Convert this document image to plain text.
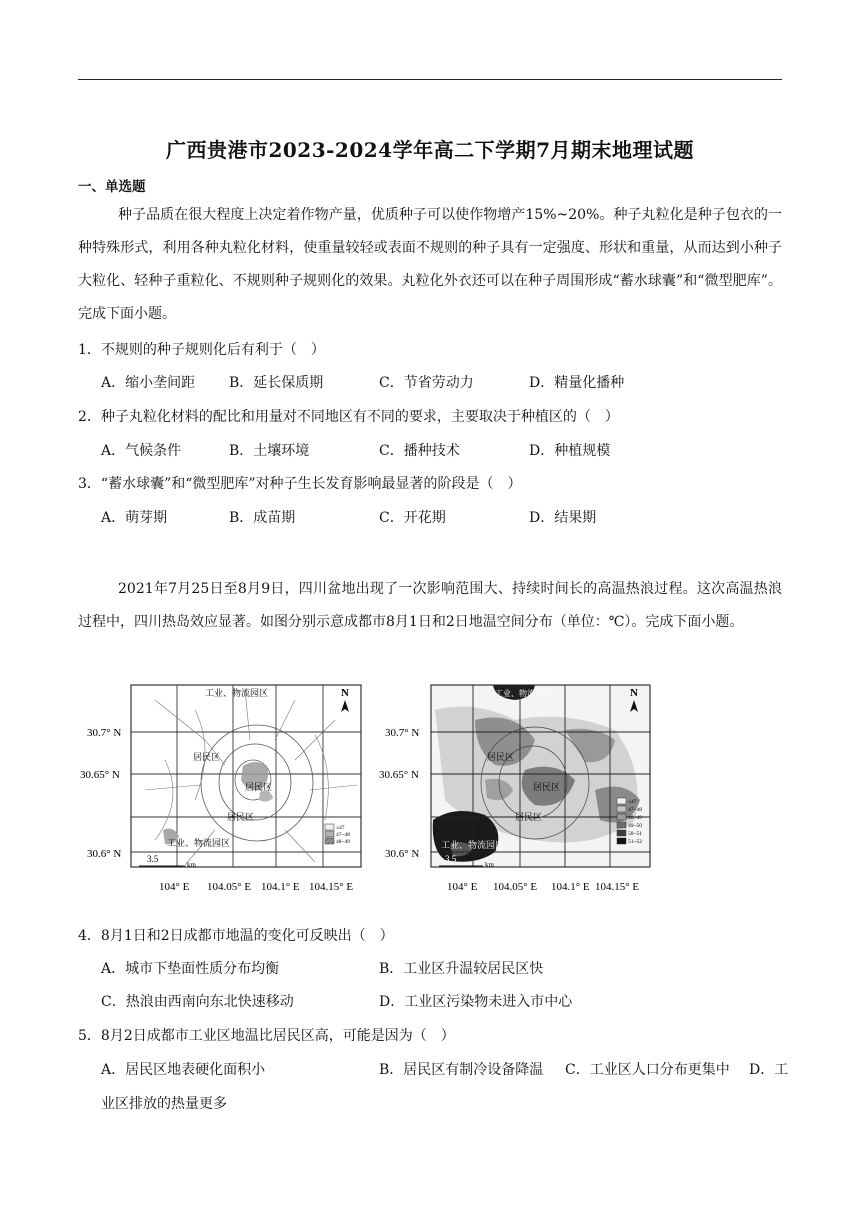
广西贵港市2023-2024学年高二下学期7月期末地理试题
一、单选题
种子品质在很大程度上决定着作物产量，优质种子可以使作物增产15%~20%。种子丸粒化是种子包衣的一种特殊形式，利用各种丸粒化材料，使重量较轻或表面不规则的种子具有一定强度、形状和重量，从而达到小种子大粒化、轻种子重粒化、不规则种子规则化的效果。丸粒化外衣还可以在种子周围形成“蓄水球囊”和“微型肥库”。完成下面小题。
1．不规则的种子规则化后有利于（　）
A．缩小垄间距 B．延长保质期	C．节省劳动力	D．精量化播种
2．种子丸粒化材料的配比和用量对不同地区有不同的要求，主要取决于种植区的（　）
A．气候条件	B．土壤环境	C．播种技术	D．种植规模
3．“蓄水球囊”和“微型肥库”对种子生长发育影响最显著的阶段是（　）
A．萌芽期	B．成苗期	C．开花期	D．结果期
2021年7月25日至8月9日，四川盆地出现了一次影响范围大、持续时间长的高温热浪过程。这次高温热浪过程中，四川热岛效应显著。如图分别示意成都市8月1日和2日地温空间分布（单位：℃）。完成下面小题。
工业、物流园区
居民区
居民区
居民区
工业、物流园区
N
≤47
47~48
48~49
3.5
km
30.7° N
30.65° N
30.6° N
104° E 104.05° E 104.1° E 104.15° E
工业、物流园区
居民区
居民区
居民区
工业、物流园区
N
≤47
47~48
48~49
49~50
50~51
51~52
3.5
km
30.7° N
30.65° N
30.6° N
104° E 104.05° E 104.1° E 104.15° E
4．8月1日和2日成都市地温的变化可反映出（　）
A．城市下垫面性质分布均衡	B．工业区升温较居民区快
C．热浪由西南向东北快速移动	D．工业区污染物未进入市中心
5．8月2日成都市工业区地温比居民区高，可能是因为（　）
A．居民区地表硬化面积小	B．居民区有制冷设备降温 C．工业区人口分布更集中 D．工
业区排放的热量更多
